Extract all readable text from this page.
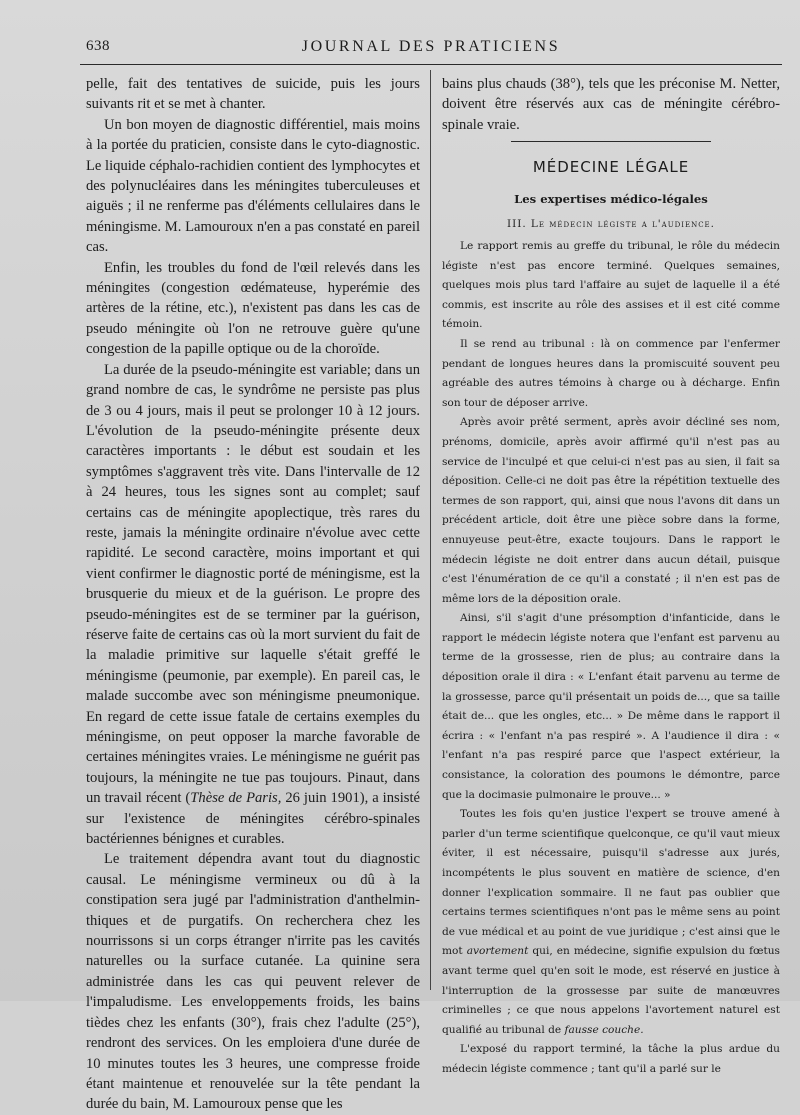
638	JOURNAL DES PRATICIENS

pelle, fait des tentatives de suicide, puis les jours suivants rit et se met à chanter.

Un bon moyen de diagnostic différentiel, mais moins à la portée du praticien, consiste dans le cyto-diagnostic. Le liquide céphalo-rachidien contient des lymphocytes et des polynucléaires dans les méningites tuberculeuses et aiguës ; il ne renferme pas d'éléments cellulaires dans le méningisme. M. Lamouroux n'en a pas constaté en pareil cas.

Enfin, les troubles du fond de l'œil relevés dans les méningites (congestion œdémateuse, hyperémie des artères de la rétine, etc.), n'existent pas dans les cas de pseudo méningite où l'on ne retrouve guère qu'une congestion de la papille optique ou de la choroïde.

La durée de la pseudo-méningite est variable; dans un grand nombre de cas, le syndrôme ne persiste pas plus de 3 ou 4 jours, mais il peut se prolonger 10 à 12 jours. L'évolution de la pseudo-méningite présente deux caractères importants : le début est soudain et les symptômes s'aggravent très vite. Dans l'intervalle de 12 à 24 heures, tous les signes sont au complet; sauf certains cas de méningite apoplectique, très rares du reste, jamais la méningite ordinaire n'évolue avec cette rapidité. Le second caractère, moins important et qui vient confirmer le diagnostic porté de méningisme, est la brusquerie du mieux et de la guérison. Le propre des pseudo-méningites est de se terminer par la guérison, réserve faite de certains cas où la mort survient du fait de la maladie primitive sur laquelle s'était greffé le méningisme (peumonie, par exemple). En pareil cas, le malade succombe avec son méningisme pneumonique. En regard de cette issue fatale de certains exemples du méningisme, on peut opposer la marche favorable de certaines méningites vraies. Le méningisme ne guérit pas toujours, la méningite ne tue pas toujours. Pinaut, dans un travail récent (Thèse de Paris, 26 juin 1901), a insisté sur l'existence de méningites cérébro-spinales bactériennes bénignes et curables.

Le traitement dépendra avant tout du diagnostic causal. Le méningisme vermineux ou dû à la constipation sera jugé par l'administration d'anthelmin-thiques et de purgatifs. On recherchera chez les nourrissons si un corps étranger n'irrite pas les cavités naturelles ou la surface cutanée. La quinine sera administrée dans les cas qui peuvent relever de l'impaludisme. Les enveloppements froids, les bains tièdes chez les enfants (30°), frais chez l'adulte (25°), rendront des services. On les emploiera d'une durée de 10 minutes toutes les 3 heures, une compresse froide étant maintenue et renouvelée sur la tête pendant la durée du bain, M. Lamouroux pense que les

bains plus chauds (38°), tels que les préconise M. Netter, doivent être réservés aux cas de méningite cérébro-spinale vraie.

MÉDECINE LÉGALE
Les expertises médico-légales
III. Le médecin légiste a l'audience.

Le rapport remis au greffe du tribunal, le rôle du médecin légiste n'est pas encore terminé. Quelques semaines, quelques mois plus tard l'affaire au sujet de laquelle il a été commis, est inscrite au rôle des assises et il est cité comme témoin.

Il se rend au tribunal : là on commence par l'enfermer pendant de longues heures dans la promiscuité souvent peu agréable des autres témoins à charge ou à décharge. Enfin son tour de déposer arrive.

Après avoir prêté serment, après avoir décliné ses nom, prénoms, domicile, après avoir affirmé qu'il n'est pas au service de l'inculpé et que celui-ci n'est pas au sien, il fait sa déposition. Celle-ci ne doit pas être la répétition textuelle des termes de son rapport, qui, ainsi que nous l'avons dit dans un précédent article, doit être une pièce sobre dans la forme, ennuyeuse peut-être, exacte toujours. Dans le rapport le médecin légiste ne doit entrer dans aucun détail, puisque c'est l'énumération de ce qu'il a constaté ; il n'en est pas de même lors de la déposition orale.

Ainsi, s'il s'agit d'une présomption d'infanticide, dans le rapport le médecin légiste notera que l'enfant est parvenu au terme de la grossesse, rien de plus; au contraire dans la déposition orale il dira : « L'enfant était parvenu au terme de la grossesse, parce qu'il présentait un poids de..., que sa taille était de... que les ongles, etc... » De même dans le rapport il écrira : « l'enfant n'a pas respiré ». A l'audience il dira : « l'enfant n'a pas respiré parce que l'aspect extérieur, la consistance, la coloration des poumons le démontre, parce que la docimasie pulmonaire le prouve... »

Toutes les fois qu'en justice l'expert se trouve amené à parler d'un terme scientifique quelconque, ce qu'il vaut mieux éviter, il est nécessaire, puisqu'il s'adresse aux jurés, incompétents le plus souvent en matière de science, d'en donner l'explication sommaire. Il ne faut pas oublier que certains termes scientifiques n'ont pas le même sens au point de vue médical et au point de vue juridique ; c'est ainsi que le mot avortement qui, en médecine, signifie expulsion du fœtus avant terme quel qu'en soit le mode, est réservé en justice à l'interruption de la grossesse par suite de manœuvres criminelles ; ce que nous appelons l'avortement naturel est qualifié au tribunal de fausse couche.

L'exposé du rapport terminé, la tâche la plus ardue du médecin légiste commence ; tant qu'il a parlé sur le
